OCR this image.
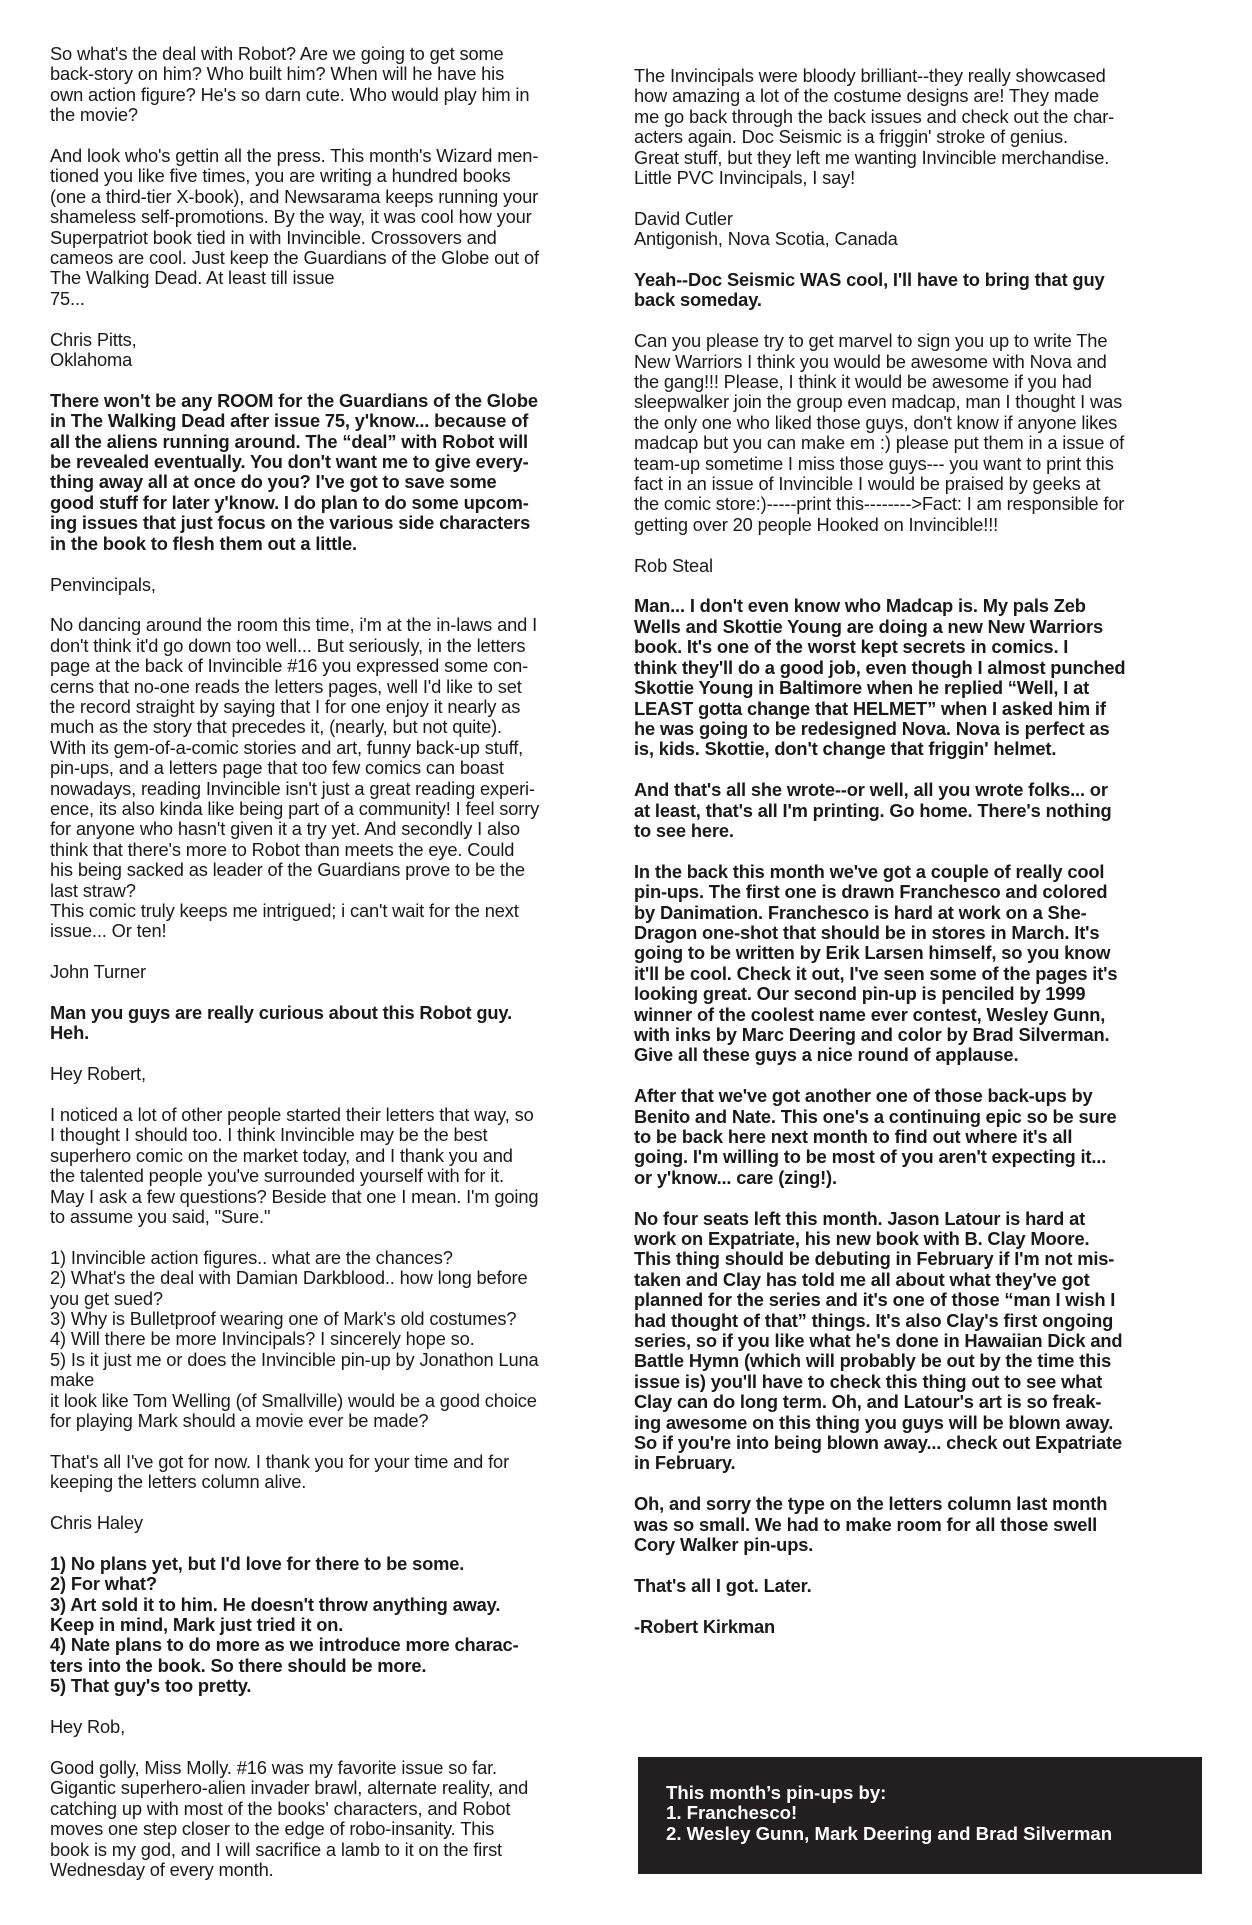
So what's the deal with Robot? Are we going to get some
back-story on him? Who built him? When will he have his
own action figure? He's so darn cute. Who would play him in
the movie?

And look who's gettin all the press. This month's Wizard men-
tioned you like five times, you are writing a hundred books
(one a third-tier X-book), and Newsarama keeps running your
shameless self-promotions. By the way, it was cool how your
Superpatriot book tied in with Invincible. Crossovers and
cameos are cool. Just keep the Guardians of the Globe out of
The Walking Dead. At least till issue
75...

Chris Pitts,
Oklahoma

There won't be any ROOM for the Guardians of the Globe
in The Walking Dead after issue 75, y'know... because of
all the aliens running around. The “deal” with Robot will
be revealed eventually. You don't want me to give every-
thing away all at once do you? I've got to save some
good stuff for later y'know. I do plan to do some upcom-
ing issues that just focus on the various side characters
in the book to flesh them out a little.

Penvincipals,

No dancing around the room this time, i'm at the in-laws and I
don't think it'd go down too well... But seriously, in the letters
page at the back of Invincible #16 you expressed some con-
cerns that no-one reads the letters pages, well I'd like to set
the record straight by saying that I for one enjoy it nearly as
much as the story that precedes it, (nearly, but not quite).
With its gem-of-a-comic stories and art, funny back-up stuff,
pin-ups, and a letters page that too few comics can boast
nowadays, reading Invincible isn't just a great reading experi-
ence, its also kinda like being part of a community! I feel sorry
for anyone who hasn't given it a try yet. And secondly I also
think that there's more to Robot than meets the eye. Could
his being sacked as leader of the Guardians prove to be the
last straw?
This comic truly keeps me intrigued; i can't wait for the next
issue... Or ten!

John Turner

Man you guys are really curious about this Robot guy.
Heh.

Hey Robert,

I noticed a lot of other people started their letters that way, so
I thought I should too. I think Invincible may be the best
superhero comic on the market today, and I thank you and
the talented people you've surrounded yourself with for it.
May I ask a few questions? Beside that one I mean. I'm going
to assume you said, "Sure."

1) Invincible action figures.. what are the chances?
2) What's the deal with Damian Darkblood.. how long before
you get sued?
3) Why is Bulletproof wearing one of Mark's old costumes?
4) Will there be more Invincipals? I sincerely hope so.
5) Is it just me or does the Invincible pin-up by Jonathon Luna
make
it look like Tom Welling (of Smallville) would be a good choice
for playing Mark should a movie ever be made?

That's all I've got for now. I thank you for your time and for
keeping the letters column alive.

Chris Haley

1) No plans yet, but I'd love for there to be some.
2) For what?
3) Art sold it to him. He doesn't throw anything away.
Keep in mind, Mark just tried it on.
4) Nate plans to do more as we introduce more charac-
ters into the book. So there should be more.
5) That guy's too pretty.

Hey Rob,

Good golly, Miss Molly. #16 was my favorite issue so far.
Gigantic superhero-alien invader brawl, alternate reality, and
catching up with most of the books' characters, and Robot
moves one step closer to the edge of robo-insanity. This
book is my god, and I will sacrifice a lamb to it on the first
Wednesday of every month.

The Invincipals were bloody brilliant--they really showcased
how amazing a lot of the costume designs are! They made
me go back through the back issues and check out the char-
acters again. Doc Seismic is a friggin' stroke of genius.
Great stuff, but they left me wanting Invincible merchandise.
Little PVC Invincipals, I say!

David Cutler
Antigonish, Nova Scotia, Canada

Yeah--Doc Seismic WAS cool, I'll have to bring that guy
back someday.

Can you please try to get marvel to sign you up to write The
New Warriors I think you would be awesome with Nova and
the gang!!! Please, I think it would be awesome if you had
sleepwalker join the group even madcap, man I thought I was
the only one who liked those guys, don't know if anyone likes
madcap but you can make em :) please put them in a issue of
team-up sometime I miss those guys--- you want to print this
fact in an issue of Invincible I would be praised by geeks at
the comic store:)-----print this-------->Fact: I am responsible for
getting over 20 people Hooked on Invincible!!!

Rob Steal

Man... I don't even know who Madcap is. My pals Zeb
Wells and Skottie Young are doing a new New Warriors
book. It's one of the worst kept secrets in comics. I
think they'll do a good job, even though I almost punched
Skottie Young in Baltimore when he replied “Well, I at
LEAST gotta change that HELMET” when I asked him if
he was going to be redesigned Nova. Nova is perfect as
is, kids. Skottie, don't change that friggin' helmet.

And that's all she wrote--or well, all you wrote folks... or
at least, that's all I'm printing. Go home. There's nothing
to see here.

In the back this month we've got a couple of really cool
pin-ups. The first one is drawn Franchesco and colored
by Danimation. Franchesco is hard at work on a She-
Dragon one-shot that should be in stores in March. It's
going to be written by Erik Larsen himself, so you know
it'll be cool. Check it out, I've seen some of the pages it's
looking great. Our second pin-up is penciled by 1999
winner of the coolest name ever contest, Wesley Gunn,
with inks by Marc Deering and color by Brad Silverman.
Give all these guys a nice round of applause.

After that we've got another one of those back-ups by
Benito and Nate. This one's a continuing epic so be sure
to be back here next month to find out where it's all
going. I'm willing to be most of you aren't expecting it...
or y'know... care (zing!).

No four seats left this month. Jason Latour is hard at
work on Expatriate, his new book with B. Clay Moore.
This thing should be debuting in February if I'm not mis-
taken and Clay has told me all about what they've got
planned for the series and it's one of those “man I wish I
had thought of that” things. It's also Clay's first ongoing
series, so if you like what he's done in Hawaiian Dick and
Battle Hymn (which will probably be out by the time this
issue is) you'll have to check this thing out to see what
Clay can do long term. Oh, and Latour's art is so freak-
ing awesome on this thing you guys will be blown away.
So if you're into being blown away... check out Expatriate
in February.

Oh, and sorry the type on the letters column last month
was so small. We had to make room for all those swell
Cory Walker pin-ups.

That's all I got. Later.

-Robert Kirkman

This month’s pin-ups by:
1. Franchesco!
2. Wesley Gunn, Mark Deering and Brad Silverman
